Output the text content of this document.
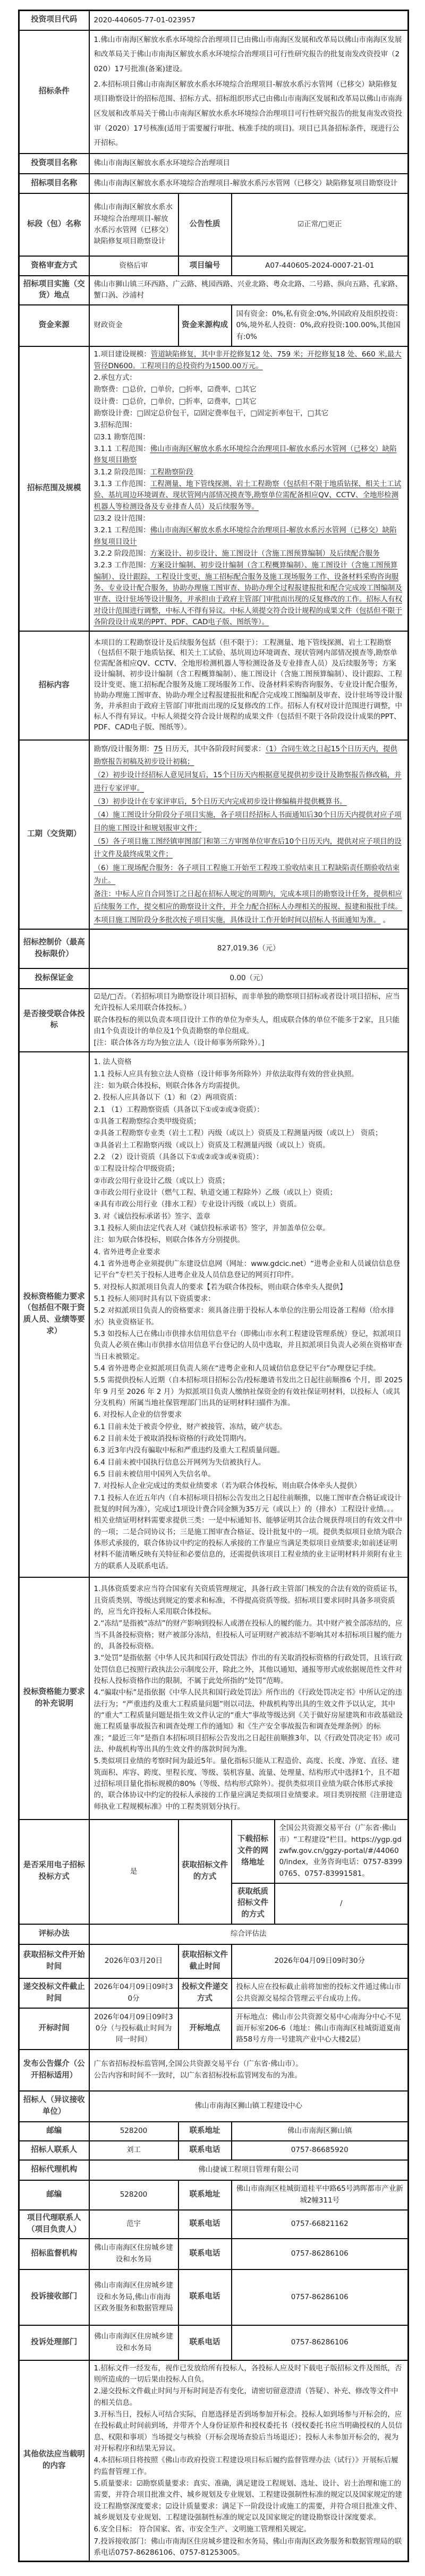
投资项目代码	2020-440605-77-01-023957			

招标条件	1.佛山市南海区解放水系水环境综合治理项目已由佛山市南海区发展和改革局以佛山市南海区发展和改革局关于佛山市南海区解放水系水环境综合治理项目可行性研究报告的批复南发改资投审（2020）17号批准(备案)建设。
2.本招标项目佛山市南海区解放水系水环境综合治理项目-解放水系污水管网（已移交）缺陷修复项目勘察设计的招标范围、招标方式、招标组织形式已由佛山市南海区发展和改革局以佛山市南海区发展和改革局关于佛山市南海区解放水系水环境综合治理项目可行性研究报告的批复南发改资投审（2020）17号核准(适用于需要履行审批、核准手续的项目)。项目已具备招标条件，现进行公开招标。			

投资项目名称	佛山市南海区解放水系水环境综合治理项目			

招标项目名称	佛山市南海区解放水系水环境综合治理项目-解放水系污水管网（已移交）缺陷修复项目勘察设计			

标段（包）名称	佛山市南海区解放水系水环境综合治理项目-解放水系污水管网（已移交）缺陷修复项目勘察设计	公告性质	☑正常/□更正	

资格审查方式	资格后审	项目编号	A07-440605-2024-0007-21-01	

招标项目实施（交货）地点	佛山市狮山镇三环西路、广云路、桃园西路、兴业北路、粤众北路、二号路、纵向五路、孔家路、蟹口涡、沙浦村			

资金来源	财政资金	资金来源构成	国有资金：0%,私有资金:0%,外国政府及组织投资：0%,境外私人投资：0%,政府投资:100.00%,其他国有:0%	

招标范围及规模	
1.项目建设规模：管道缺陷修复，其中非开挖修复12 处、759 米；开挖修复18 处、660 米,最大管径DN600。工程项目的总投资约为1500.00万元。
2.承包方式：
勘察费：□总价，□单价，□折率，☑费率，□其它
设计费：□总价，□单价，□折率，☑费率，□其它
勘察设计费：□固定总价包干，☑固定费率包干，□固定折率包干，□其它
3.招标范围：
☑3.1 勘察范围：
3.1.1 工程范围：佛山市南海区解放水系水环境综合治理项目-解放水系污水管网（已移交）缺陷修复项目勘察
3.1.2 阶段范围：工程勘察阶段
3.1.3 工作范围：工程测量、地下管线探测、岩土工程勘察（包括但不限于地质钻探、相关土工试验、基坑周边环境调查、现状管网内部情况摸查等,勘察单位需配备相应QV、CCTV、全地形检测机器人等检测设备及专业排查人员）及后续服务等。
☑3.2 设计范围：
3.2.1 工程范围：佛山市南海区解放水系水环境综合治理项目-解放水系污水管网（已移交）缺陷修复项目设计
3.2.2 阶段范围：方案设计、初步设计、施工图设计（含施工图预算编制）及后续配合服务
3.2.3 工作范围：方案设计编制、初步设计编制（含工程概算编制）、施工图设计（含施工图预算编制）、设计跟踪、工程设计变更、施工招标配合服务及施工现场服务工作、设备材料采购咨询服务、专业设计配合服务，协助办理施工图审查、协助办理全过程报建报批和配合完成竣工图编制及审查、设计驻场等设计服务，并承担由于政府主管部门审批而出现的反复修改的工作。招标人有权对设计范围进行调整，中标人不得有异议。中标人须提交符合设计规程的成果文件（包括但不限于各阶段设计成果的PPT、PDF、CAD电子版、图纸等）。

招标内容	本项目的工程勘察设计及后续服务包括（但不限于）：工程测量、地下管线探测、岩土工程勘察（包括但不限于地质钻探、相关土工试验、基坑周边环境调查、现状管网内部情况摸查等,勘察单位需配备相应QV、CCTV、全地形检测机器人等检测设备及专业排查人员）及后续服务等；方案设计编制、初步设计编制（含工程概算编制）、施工图设计（含施工图预算编制）、设计跟踪、工程设计变更、施工招标配合服务及施工现场服务工作、设备材料采购咨询服务、专业设计配合服务，协助办理施工图审查、协助办理全过程报建报批和配合完成竣工图编制及审查、设计驻场等设计服务，并承担由于政府主管部门审批而出现的反复修改的工作。招标人有权对设计范围进行调整，中标人不得有异议。中标人须提交符合设计规程的成果文件（包括但不限于各阶段设计成果的PPT、PDF、CAD电子版、图纸等）。			

工期（交货期）	
勘察/设计服务期：75 日历天，其中各阶段时间要求：（1）合同生效之日起15个日历天内，提供勘察报告初稿及初步设计初稿；
（2）初步设计经招标人意见回复后，15个日历天内根据意见提供初步设计及勘察报告修改稿，并进行专家评审。
（3）初步设计在专家评审后，5个日历天内完成初步设计修编稿并提供概算书。
（4）施工图设计分阶段分子项目实施，各子项目经招标人书面通知后30个日历天内提供对应子项目的施工图设计和规划报审文件；
（5）各子项目施工图经镇审图部门和第三方审图单位审查后10个日历天内，提供对应子项目的设计文件及最终成果文件；
（6）施工现场配合服务：各子项目工程施工开始至工程竣工验收结束且工程缺陷责任期验收结束为止。
备注：中标人应自合同签订之日起在招标人规定的周期内，完成本项目的勘察设计任务，提供相应后续服务工作，提交相应的勘察设计文件，并全力配合招标人办理相关的报规、报建和报批手续。本项目施工图阶段分多批次按子项目实施，具体设计工作开始时间以招标人书面通知为准。 。

招标控制价（最高投标限价）	827,019.36（元）			

投标保证金	0.00（元）			

是否接受联合体投标	☑是/□否。（若招标项目为勘察设计项目招标，而非单独的勘察项目招标或者设计项目招标，应当允许投标人采用联合体投标。）
联合体投标的须以负责本项目设计工作的单位为牵头人，组成联合体的单位不能多于2家，且只能由1个负责设计的单位及1个负责勘察的单位组成。
[注：联合体各方均为独立法人（设计师事务所除外）。]			

投标资格能力要求（包括但不限于资质人员、业绩等要求）	
1. 法人资格
1.1 投标人应具有独立法人资格（设计师事务所除外）并依法取得有效的营业执照。
注：如为联合体投标，则联合体各方均需提供。
2. 投标人应具备以下（1）和（2）两项资质：
2.1 （1）工程勘察资质（具备以下①或②或③资质）：
①具备工程勘察综合类甲级资质；
②具备工程勘察专业类（岩土工程）丙级（或以上）资质及工程测量丙级（或以上） 资质；
③具备岩土工程勘察丙级（或以上）资质及工程测量丙级（或以上）资质。
2.2 （2）设计资质（具备以下①或②或③或④资质）：
①工程设计综合甲级资质；
②市政公用行业设计乙级（或以上）资质；
③市政公用行业设计（燃气工程、轨道交通工程除外）乙级（或以上）资质；
④具有市政公用行业（排水工程）专业设计丙级（或以上）资质。
3. 对《诚信投标承诺书》签字、盖章
3.1 投标人须由法定代表人对《诚信投标承诺书》签字，并加盖单位公章。
注：如为联合体投标，则联合体各方分别提供。
4. 省外进粤企业要求
4.1 省外进粤企业须提供广东建设信息网（网址：www.gdcic.net）“进粤企业和人员诚信信息登记平台”专栏关于投标人进粤企业及人员信息登记的网页打印件。
5. 对投标人拟派项目负责人的要求【若为联合体投标，则由联合体牵头人提供】
5.1 投标人须同时具有以下资质要求：
5.2 对拟派项目负责人的资格要求：须具备注册于投标人本单位的注册公用设备工程师（给水排水）执业资格证书。
5.3 如投标人已在佛山市供排水信用信息平台（即佛山市水利工程建设管理系统）登记，拟派项目负责人必须在佛山市供排水信用信息平台登记的人员中选取，并且拟派项目负责人必须在资格审查当日未被锁定。
5.4 省外进粤企业拟派项目负责人须在“进粤企业和人员诚信信息登记平台”办理登记手续。
5.5 需提供投标人近期（自本招标项目招标公告/投标邀请书发出之日起往前顺推6 个月，即 2025年 9 月至 2026 年 2 月）为拟派项目负责人缴纳社保资金的有效社保证明材料，以投标人（或其分支机构）所属当地社保管理部门出具的证明材料扫描件为准。
6. 对投标人企业的信誉要求
6.1 目前未处于被责令停业，财产被接管、冻结，破产状态。
6.2 目前未处于被取消投标资格的行政处罚期内。
6.3 近3年内没有骗取中标和严重违约及重大工程质量问题。
6.4 目前未被中国执行信息公开网列为失信被执行人。
6.5 目前未被信用中国列入失信名单。
7. 对投标人企业完成过的类似业绩要求（若为联合体投标，则由联合体牵头人提供）
7.1 投标人在近五年内（自本招标项目招标公告发出之日起往前顺推，以施工图审查合格证或设计批复的时间为准），完成过1项设计费合同金额为35万元（或以上）的（排水）工程设计业绩。。。相关业绩证明材料需要求提供三类：一是中标通知书、能够证明其合法合规获得项目的有效文件中的一项；二是合同协议书；三是施工图审查合格证、设计批复中的一项。提供类似项目业绩为联合体形式承接的，联合体协议中约定的投标人承接的工作量应当满足类似项目业绩要求;如前述证明材料不能清晰反映有关特征和必要信息的，还需提供该项目工程业绩的业主证明材料并须附有业主方的联系人及联系电话。

投标资格能力要求的补充说明	1.具体资质要求应当符合国家有关资质管理规定，具备行政主管部门核发的合法有效的资质证书，且资质类别、等级达到规定的要求和标准，不得提高资质等级。招标项目要求同时具备多项资质的，应当允许投标人采用联合体投标。
2.“冻结”是指被“冻结”的财产影响到投标人或潜在投标人的履约能力。其中财产被全部冻结的，应当不具备投标资格；财产被部分冻结，但投标人可证明财产被冻结不影响其对本招标项目履约能力的，具备投标资格。
3.“处罚”是指依据《中华人民共和国行政处罚法》作出的有关取消投标资格的行政处罚，且该行政处罚信息已按照行政执法公示制度公开，除此之外，其他以通知、通报等形式或依据规范性文件对投标人投标资格作出的限制，不属于此处所指的“处罚”范畴。
4.“骗取中标”是指依据《中华人民共和国行政处罚法》所作出的《行政处罚决定书》中所认定的违法行为；“严重违约及重大工程质量问题”则以司法、仲裁机构等出具的生效文件予以认定，其中的“重大”工程质量问题是指生效文件认定的“重大”事故等级达到《关于做好房屋建筑和市政基础设施工程质量事故报告和调查处理工作的通知》和《生产安全事故报告和调查处理条例》的标准；“最近三年”是指自本招标项目招标公告发出之日起往前顺推3年，以《行政处罚决定书》或司法、仲裁机构等出具的生效文件的落款时间为准。
5.类似项目业绩的考察时间为最近5年。量化指标只能从工程造价、高度、长度、净宽、直径、建筑面积、库容、跨度、里程长度、等级、装机容量、流量、处理量、结构形式中选择1个，且不超过招标项目量化指标规模的80%（等级、结构形式除外）。提供类似项目业绩为联合体形式承接的，联合体协议中约定的投标人承接的工作量应满足类似项目业绩要求。项目类别按照《注册建造师执业工程规模标准》中的工程类别划分执行。			

是否采用电子招标投标方式	是	获取招标文件的方式	下载招标文件的网络地址	全国公共资源交易平台（广东省·佛山市）“工程建设”栏目。https://ygp.gdzwfw.gov.cn/ggzy-portal/#/440600/index，业务咨询电话：0757-83990765、0757-83991581。

			获取纸质招标文件的方式	/

评标办法	综合评估法			

获取招标文件开始时间	2026年03月20日	获取招标文件截止时间	2026年04月09日09时30分	

递交投标文件截止时间	2026年04月09日09时30分	投标文件递交方式	投标人应在投标截止前将加密的投标文件通过佛山市公共资源交易综合管理云平台成功上传。	

开标时间	2026年04月09日09时30分（与投标截止时间为同一时间）	开标地点	开标地点：佛山市公共资源交易中心南海分中心不见面开标室206-6（地址：佛山市南海区桂城街道夏南路58号方舟一号建筑产业中心大楼2层）	

发布公告媒介（公开招标适用）	广东省招标投标监管网,全国公共资源交易平台（广东省·佛山市）。
公告内容和时间不一致时，以广东省招标投标监管网发布的为准。			

招标人（异议接收单位）	佛山市南海区狮山镇工程建设中心			

邮编	528200	联系地址	佛山市南海区狮山镇	

招标人联系人	刘工	联系电话	0757-86685920	

招标代理机构	佛山捷诚工程项目管理有限公司			

邮编	528200	联系地址	佛山市南海区桂城街道桂平中路65号鸿晖都市产业新城2幢311号	

项目代理联系人（项目负责人）	范宇	联系电话	0757-66821162	

招标监督机构	佛山市南海区住房城乡建设和水务局	联系电话	0757-86286106	

投诉接收部门	佛山市南海区住房城乡建设和水务局,佛山市南海区政务服务和数据管理局	联系电话	0757-86286106	

投诉处理部门	佛山市南海区住房城乡建设和水务局	联系电话	0757-86286106	

其他依法应当载明的内容	
1.招标文件一经发布，视作已发放给所有投标人，各投标人应及时下载电子版招标文件及图纸，否则所造成的一切后果由投标人自负。
2.递交投标文件截止时间与开标时间是否有变化，请密切留意澄清（答疑）、补充、修改等文件中的相关信息。
3.开标当日，投标人可结合实际，自愿选择是否到场参加开标会。投标人如到场参与开标会的，应在投标截止时间前到场，并带齐个人身份证原件和授权委托书（授权委托书应当明确授权的人员信息、权限和事项）当场提交与核验（开标会现场查验后当场退还）；投标人未参加开标会的，视为对开标程序和结果无异议。
4.本招标项目将按照《佛山市政府投资工程建设项目标后履约监督管理办法（试行）》开展标后履约监督管理工作。
5.质量要求：☑勘察质量要求：真实、准确，满足建设工程规划、选址、设计、岩土治理和施工的需要，并符合项目批准文件、城乡规划及专业规划、工程建设强制性标准的规定以及国家规定的建设工程勘察深度要求；☑设计质量要求：满足下一阶段设计或施工的需要，并符合项目批准文件、城乡规划及专业规划、工程建设强制性标准的规定以及国家规定的建设勘察设计深度要求。
6.安全目标： 符合国家、省、市安全生产、文明施工管理相关规定。
7.投诉接收部门：佛山市南海区住房城乡建设和水务局、佛山市南海区政务服务和数据管理局的联系电话0757-86286106、0757-81253005。
